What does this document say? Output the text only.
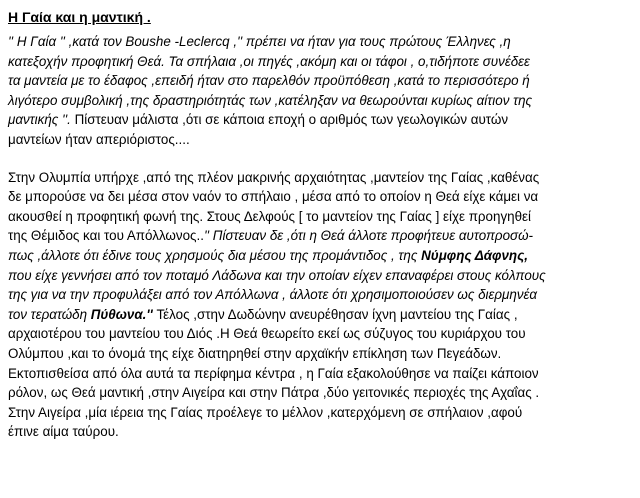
Η Γαία και η μαντική .
'' Η Γαία '' ,κατά τον Boushe -Leclercq ,'' πρέπει να ήταν για τους πρώτους Έλληνες ,η
κατεξοχήν προφητική Θεά. Τα σπήλαια ,οι πηγές ,ακόμη και οι τάφοι , ο,τιδήποτε συνέδεε
τα μαντεία με το έδαφος ,επειδή ήταν στο παρελθόν προϋπόθεση ,κατά το περισσότερο ή
λιγότερο συμβολική ,της δραστηριότητάς των ,κατέληξαν να θεωρούνται κυρίως αίτιον της
μαντικής ''. Πίστευαν μάλιστα ,ότι σε κάποια εποχή ο αριθμός των γεωλογικών αυτών
μαντείων ήταν απεριόριστος....
Στην Ολυμπία υπήρχε ,από της πλέον μακρινής αρχαιότητας ,μαντείον της Γαίας ,καθένας
δε μπορούσε να δει μέσα στον ναόν το σπήλαιο , μέσα από το οποίον η Θεά είχε κάμει να
ακουσθεί η προφητική φωνή της. Στους Δελφούς [ το μαντείον της Γαίας ] είχε προηγηθεί
της Θέμιδος και του Απόλλωνος..'' Πίστευαν δε ,ότι η Θεά άλλοτε προφήτευε αυτοπροσώ-
πως ,άλλοτε ότι έδινε τους χρησμούς δια μέσου της προμάντιδος , της Νύμφης Δάφνης,
που είχε γεννήσει από τον ποταμό Λάδωνα και την οποίαν είχεν επαναφέρει στους κόλπους
της για να την προφυλάξει από τον Απόλλωνα , άλλοτε ότι χρησιμοποιούσεν ως διερμηνέα
τον τερατώδη Πύθωνα.'' Τέλος ,στην Δωδώνην ανευρέθησαν ίχνη μαντείου της Γαίας ,
αρχαιοτέρου του μαντείου του Διός .Η Θεά θεωρείτο εκεί ως σύζυγος του κυριάρχου του
Ολύμπου ,και το όνομά της είχε διατηρηθεί στην αρχαϊκήν επίκληση των Πεγεάδων.
Εκτοπισθείσα από όλα αυτά τα περίφημα κέντρα , η Γαία εξακολούθησε να παίζει κάποιον
ρόλον, ως Θεά μαντική ,στην Αιγείρα και στην Πάτρα ,δύο γειτονικές περιοχές της Αχαΐας .
Στην Αιγείρα ,μία ιέρεια της Γαίας προέλεγε το μέλλον ,κατερχόμενη σε σπήλαιον ,αφού
έπινε αίμα ταύρου.
